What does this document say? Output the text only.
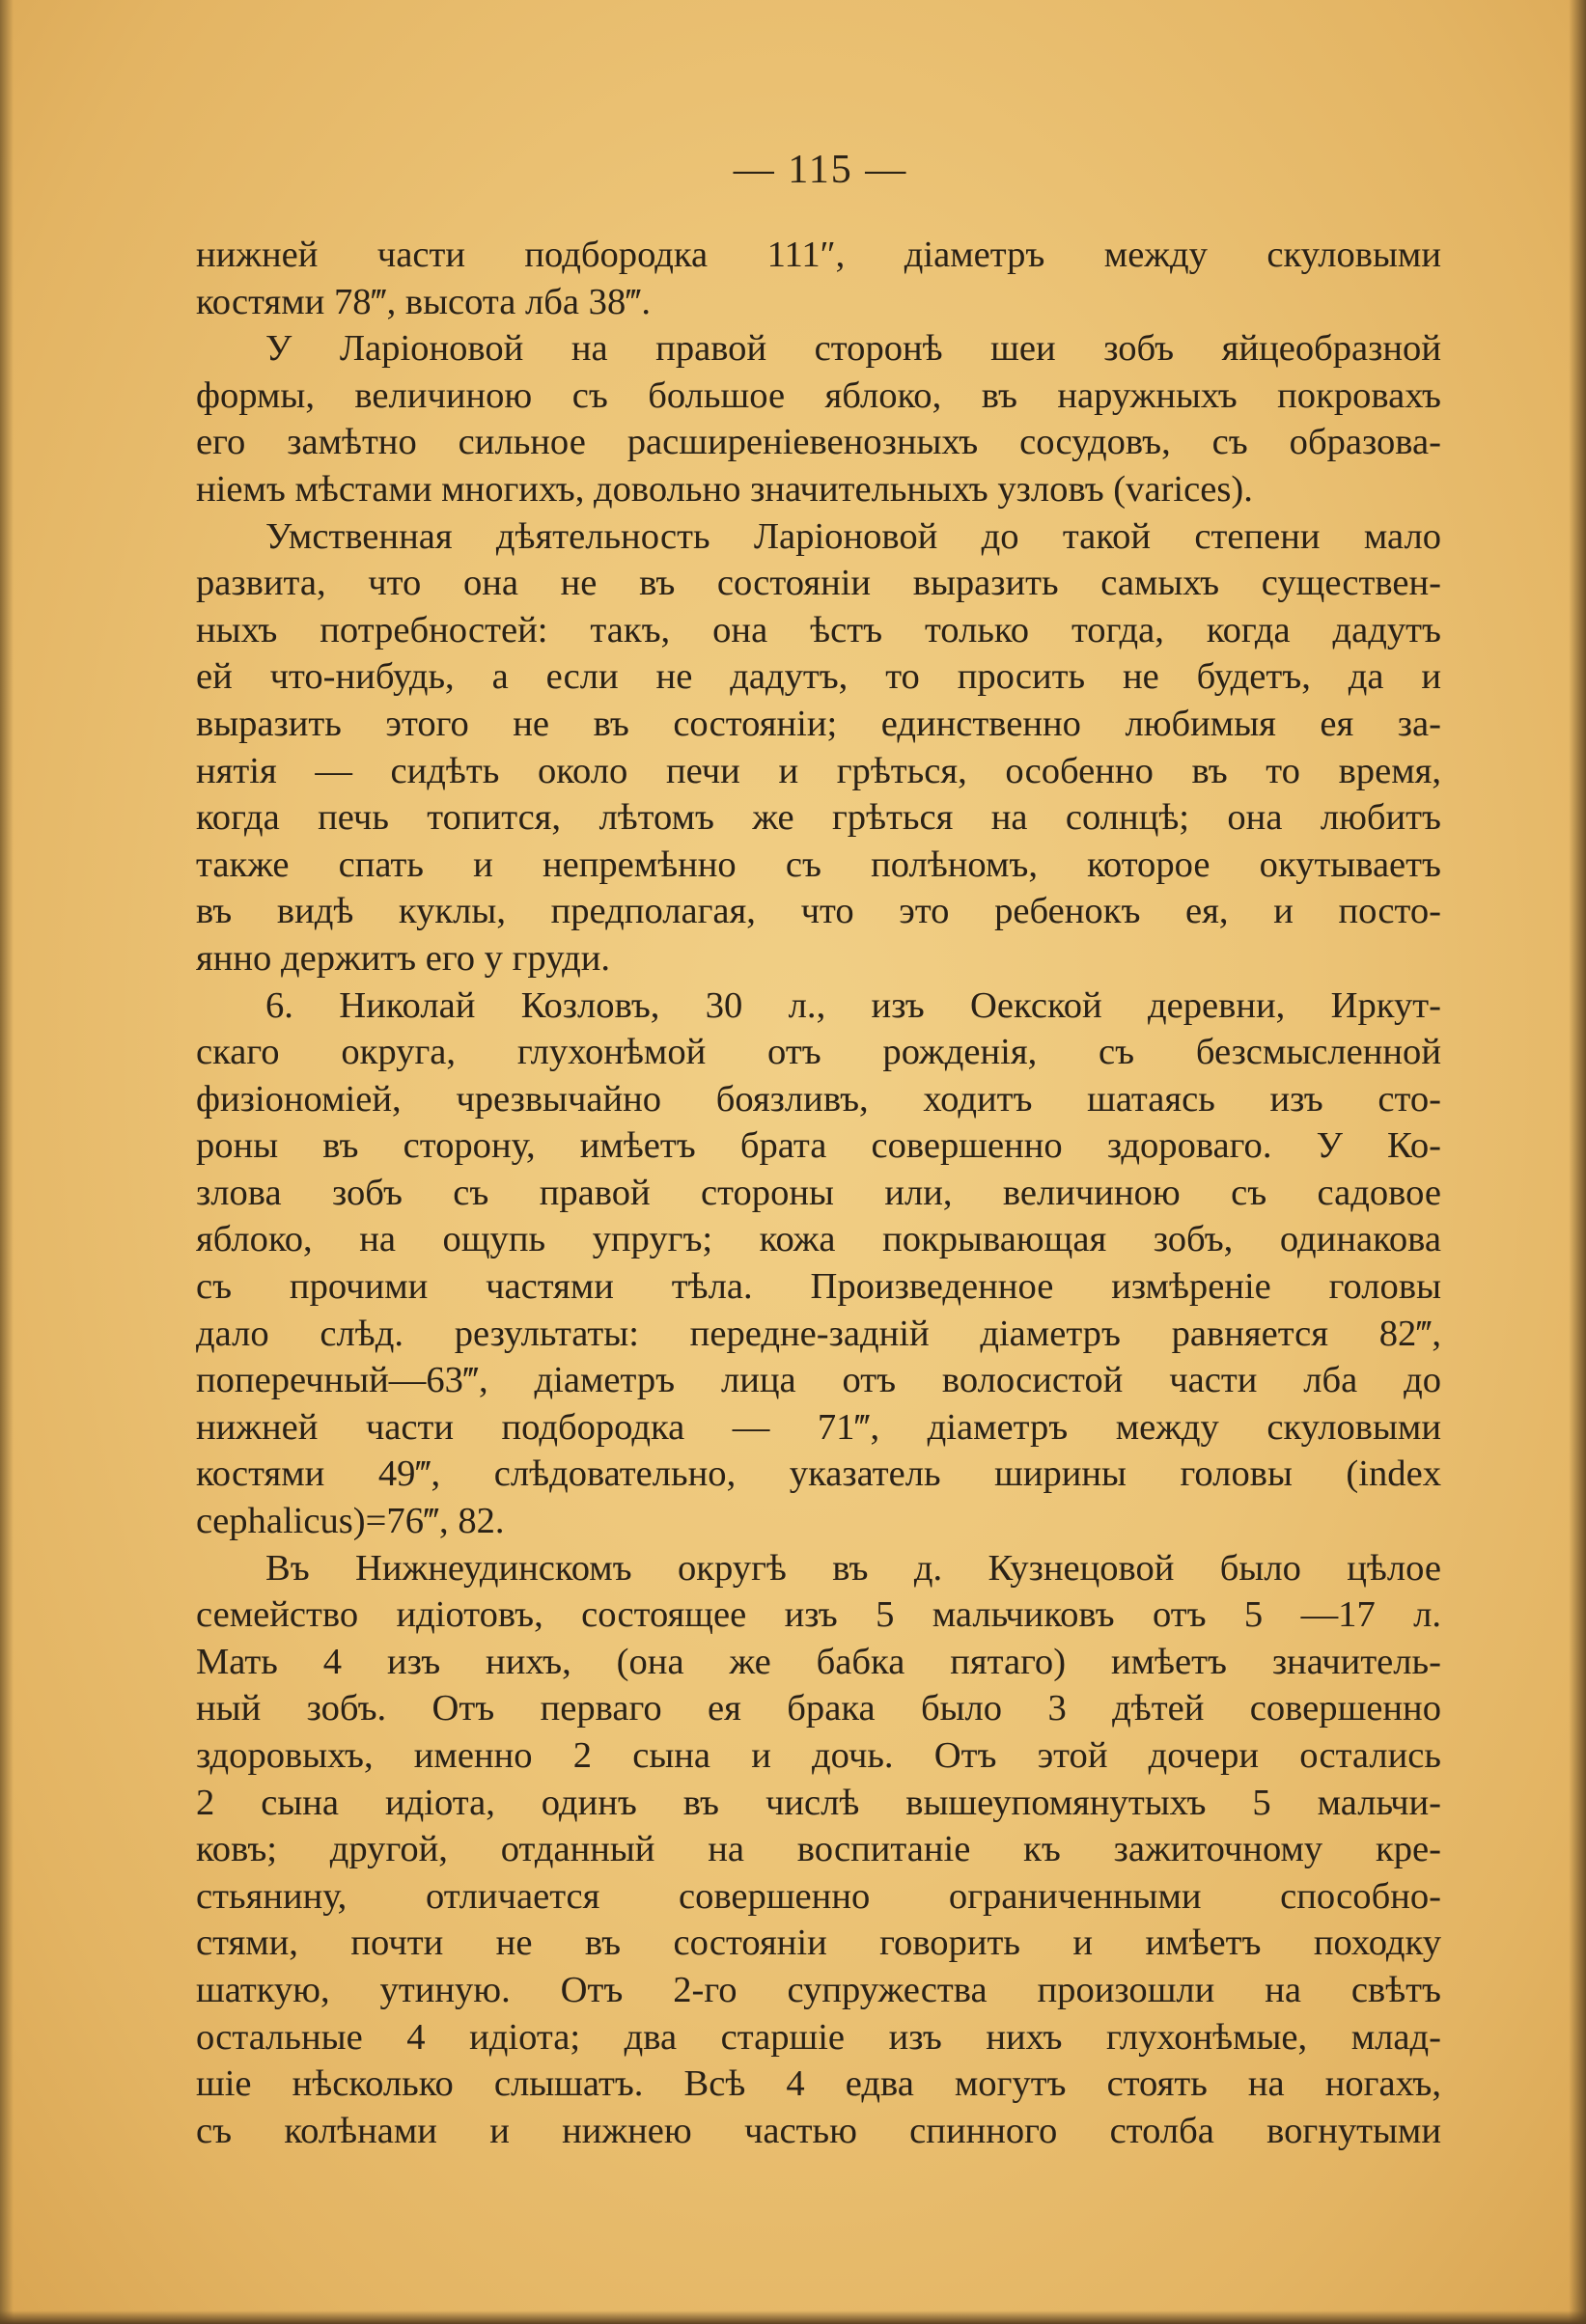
— 115 —
нижней части подбородка 111″, діаметръ между скуловыми
костями 78‴, высота лба 38‴.
У Ларіоновой на правой сторонѣ шеи зобъ яйцеобразной
формы, величиною съ большое яблоко, въ наружныхъ покровахъ
его замѣтно сильное расширеніевенозныхъ сосудовъ, съ образова-
ніемъ мѣстами многихъ, довольно значительныхъ узловъ (varices).
Умственная дѣятельность Ларіоновой до такой степени мало
развита, что она не въ состояніи выразить самыхъ существен-
ныхъ потребностей: такъ, она ѣстъ только тогда, когда дадутъ
ей что-нибудь, а если не дадутъ, то просить не будетъ, да и
выразить этого не въ состояніи; единственно любимыя ея за-
нятія — сидѣть около печи и грѣться, особенно въ то время,
когда печь топится, лѣтомъ же грѣться на солнцѣ; она любитъ
также спать и непремѣнно съ полѣномъ, которое окутываетъ
въ видѣ куклы, предполагая, что это ребенокъ ея, и посто-
янно держитъ его у груди.
6. Николай Козловъ, 30 л., изъ Оекской деревни, Иркут-
скаго округа, глухонѣмой отъ рожденія, съ безсмысленной
физіономіей, чрезвычайно боязливъ, ходитъ шатаясь изъ сто-
роны въ сторону, имѣетъ брата совершенно здороваго. У Ко-
злова зобъ съ правой стороны или, величиною съ садовое
яблоко, на ощупь упругъ; кожа покрывающая зобъ, одинакова
съ прочими частями тѣла. Произведенное измѣреніе головы
дало слѣд. результаты: передне-задній діаметръ равняется 82‴,
поперечный—63‴, діаметръ лица отъ волосистой части лба до
нижней части подбородка — 71‴, діаметръ между скуловыми
костями 49‴, слѣдовательно, указатель ширины головы (index
cephalicus)=76‴, 82.
Въ Нижнеудинскомъ округѣ въ д. Кузнецовой было цѣлое
семейство идіотовъ, состоящее изъ 5 мальчиковъ отъ 5 —17 л.
Мать 4 изъ нихъ, (она же бабка пятаго) имѣетъ значитель-
ный зобъ. Отъ перваго ея брака было 3 дѣтей совершенно
здоровыхъ, именно 2 сына и дочь. Отъ этой дочери остались
2 сына идіота, одинъ въ числѣ вышеупомянутыхъ 5 мальчи-
ковъ; другой, отданный на воспитаніе къ зажиточному кре-
стьянину, отличается совершенно ограниченными способно-
стями, почти не въ состояніи говорить и имѣетъ походку
шаткую, утиную. Отъ 2-го супружества произошли на свѣтъ
остальные 4 идіота; два старшіе изъ нихъ глухонѣмые, млад-
шіе нѣсколько слышатъ. Всѣ 4 едва могутъ стоять на ногахъ,
съ колѣнами и нижнею частью спинного столба вогнутыми
